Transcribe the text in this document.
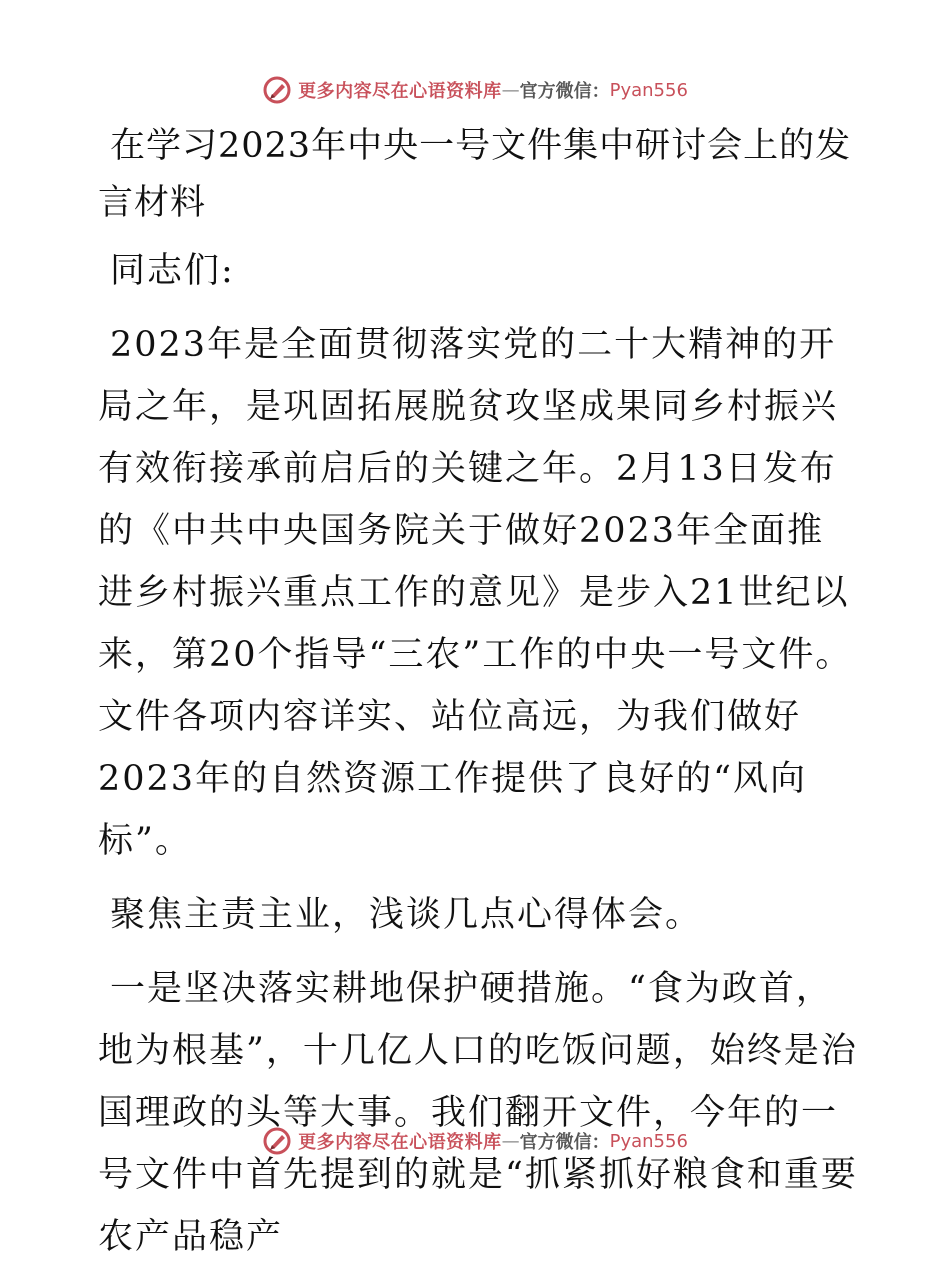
更多内容尽在心语资料库 — 官方微信： Pyan556
在学习2023年中央一号文件集中研讨会上的发言材料

同志们:

2023年是全面贯彻落实党的二十大精神的开局之年，是巩固拓展脱贫攻坚成果同乡村振兴有效衔接承前启后的关键之年。2月13日发布的《中共中央国务院关于做好2023年全面推进乡村振兴重点工作的意见》是步入21世纪以来，第20个指导“三农”工作的中央一号文件。文件各项内容详实、站位高远，为我们做好2023年的自然资源工作提供了良好的“风向标”。

聚焦主责主业，浅谈几点心得体会。

一是坚决落实耕地保护硬措施。“食为政首，地为根基”，十几亿人口的吃饭问题，始终是治国理政的头等大事。我们翻开文件，今年的一号文件中首先提到的就是“抓紧抓好粮食和重要农产品稳产

更多内容尽在心语资料库 — 官方微信： Pyan556
